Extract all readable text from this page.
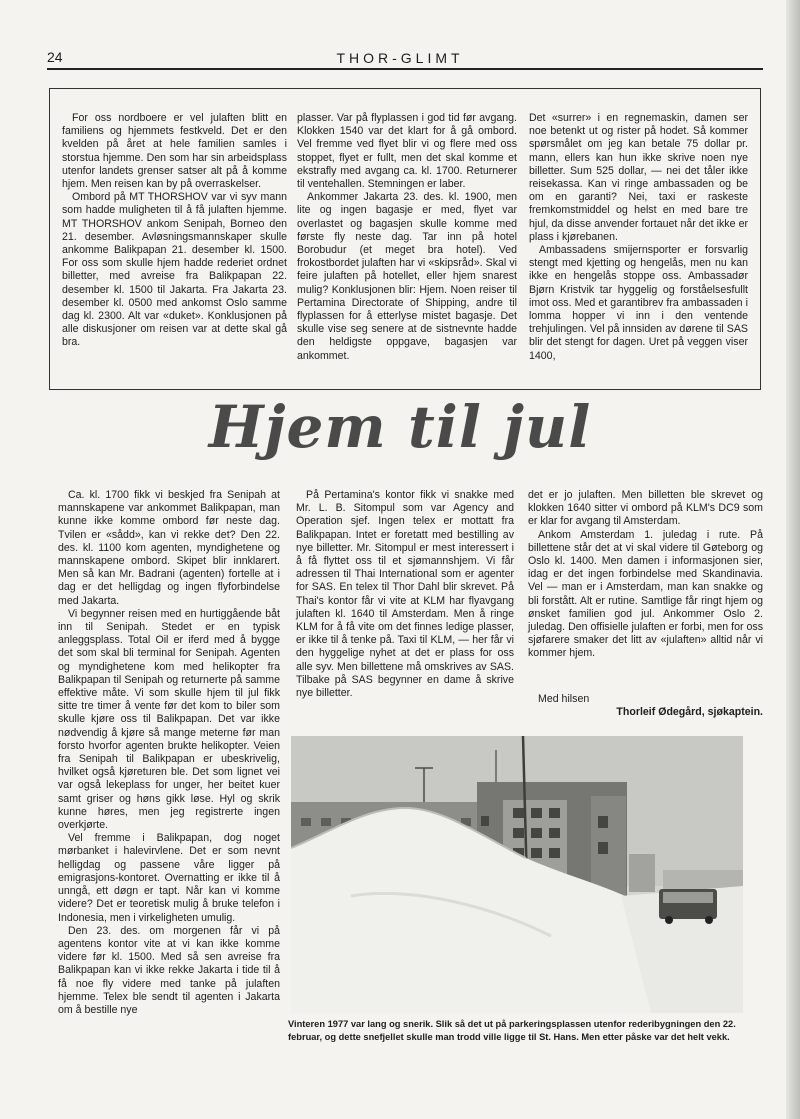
24	THOR-GLIMT

For oss nordboere er vel julaften blitt en familiens og hjemmets festkveld. Det er den kvelden på året at hele familien samles i storstua hjemme. Den som har sin arbeidsplass utenfor landets grenser satser alt på å komme hjem. Men reisen kan by på overraskelser.

Ombord på MT THORSHOV var vi syv mann som hadde muligheten til å få julaften hjemme. MT THORSHOV ankom Senipah, Borneo den 21. desember. Avløsningsmannskaper skulle ankomme Balikpapan 21. desember kl. 1500. For oss som skulle hjem hadde rederiet ordnet billetter, med avreise fra Balikpapan 22. desember kl. 1500 til Jakarta. Fra Jakarta 23. desember kl. 0500 med ankomst Oslo samme dag kl. 2300. Alt var «duket». Konklusjonen på alle diskusjoner om reisen var at dette skal gå bra.

plasser. Var på flyplassen i god tid før avgang. Klokken 1540 var det klart for å gå ombord. Vel fremme ved flyet blir vi og flere med oss stoppet, flyet er fullt, men det skal komme et ekstrafly med avgang ca. kl. 1700. Returnerer til ventehallen. Stemningen er laber.

Ankommer Jakarta 23. des. kl. 1900, men lite og ingen bagasje er med, flyet var overlastet og bagasjen skulle komme med første fly neste dag. Tar inn på hotel Borobudur (et meget bra hotel). Ved frokostbordet julaften har vi «skipsråd». Skal vi feire julaften på hotellet, eller hjem snarest mulig? Konklusjonen blir: Hjem. Noen reiser til Pertamina Directorate of Shipping, andre til flyplassen for å etterlyse mistet bagasje. Det skulle vise seg senere at de sistnevnte hadde den heldigste oppgave, bagasjen var ankommet.

Det «surrer» i en regnemaskin, damen ser noe betenkt ut og rister på hodet. Så kommer spørsmålet om jeg kan betale 75 dollar pr. mann, ellers kan hun ikke skrive noen nye billetter. Sum 525 dollar, — nei det tåler ikke reisekassa. Kan vi ringe ambassaden og be om en garanti? Nei, taxi er raskeste fremkomstmiddel og helst en med bare tre hjul, da disse anvender fortauet når det ikke er plass i kjørebanen.

Ambassadens smijernsporter er forsvarlig stengt med kjetting og hengelås, men nu kan ikke en hengelås stoppe oss. Ambassadør Bjørn Kristvik tar hyggelig og forståelsesfullt imot oss. Med et garantibrev fra ambassaden i lomma hopper vi inn i den ventende trehjulingen. Vel på innsiden av dørene til SAS blir det stengt for dagen. Uret på veggen viser 1400,

Hjem til jul

Ca. kl. 1700 fikk vi beskjed fra Senipah at mannskapene var ankommet Balikpapan, man kunne ikke komme ombord før neste dag. Tvilen er «sådd», kan vi rekke det? Den 22. des. kl. 1100 kom agenten, myndighetene og mannskapene ombord. Skipet blir innklarert. Men så kan Mr. Badrani (agenten) fortelle at i dag er det helligdag og ingen flyforbindelse med Jakarta.

Vi begynner reisen med en hurtiggående båt inn til Senipah. Stedet er en typisk anleggsplass. Total Oil er iferd med å bygge det som skal bli terminal for Senipah. Agenten og myndighetene kom med helikopter fra Balikpapan til Senipah og returnerte på samme effektive måte. Vi som skulle hjem til jul fikk sitte tre timer å vente før det kom to biler som skulle kjøre oss til Balikpapan. Det var ikke nødvendig å kjøre så mange meterne før man forsto hvorfor agenten brukte helikopter. Veien fra Senipah til Balikpapan er ubeskrivelig, hvilket også kjøreturen ble. Det som lignet vei var også lekeplass for unger, her beitet kuer samt griser og høns gikk løse. Hyl og skrik kunne høres, men jeg registrerte ingen overkjørte.

Vel fremme i Balikpapan, dog noget mørbanket i halevirvlene. Det er som nevnt helligdag og passene våre ligger på emigrasjons-kontoret. Overnatting er ikke til å unngå, ett døgn er tapt. Når kan vi komme videre? Det er teoretisk mulig å bruke telefon i Indonesia, men i virkeligheten umulig.

Den 23. des. om morgenen får vi på agentens kontor vite at vi kan ikke komme videre før kl. 1500. Med så sen avreise fra Balikpapan kan vi ikke rekke Jakarta i tide til å få noe fly videre med tanke på julaften hjemme. Telex ble sendt til agenten i Jakarta om å bestille nye

På Pertamina's kontor fikk vi snakke med Mr. L. B. Sitompul som var Agency and Operation sjef. Ingen telex er mottatt fra Balikpapan. Intet er foretatt med bestilling av nye billetter. Mr. Sitompul er mest interessert i å få flyttet oss til et sjømannshjem. Vi får adressen til Thai International som er agenter for SAS. En telex til Thor Dahl blir skrevet. På Thai's kontor får vi vite at KLM har flyavgang julaften kl. 1640 til Amsterdam. Men å ringe KLM for å få vite om det finnes ledige plasser, er ikke til å tenke på. Taxi til KLM, — her får vi den hyggelige nyhet at det er plass for oss alle syv. Men billettene må omskrives av SAS. Tilbake på SAS begynner en dame å skrive nye billetter.

det er jo julaften. Men billetten ble skrevet og klokken 1640 sitter vi ombord på KLM's DC9 som er klar for avgang til Amsterdam.

Ankom Amsterdam 1. juledag i rute. På billettene står det at vi skal videre til Gøteborg og Oslo kl. 1400. Men damen i informasjonen sier, idag er det ingen forbindelse med Skandinavia. Vel — man er i Amsterdam, man kan snakke og bli forstått. Alt er rutine. Samtlige får ringt hjem og ønsket familien god jul. Ankommer Oslo 2. juledag. Den offisielle julaften er forbi, men for oss sjøfarere smaker det litt av «julaften» alltid når vi kommer hjem.

Med hilsen
Thorleif Ødegård, sjøkaptein.
Vinteren 1977 var lang og snerik. Slik så det ut på parkeringsplassen utenfor rederibygningen den 22. februar, og dette snefjellet skulle man trodd ville ligge til St. Hans. Men etter påske var det helt vekk.
